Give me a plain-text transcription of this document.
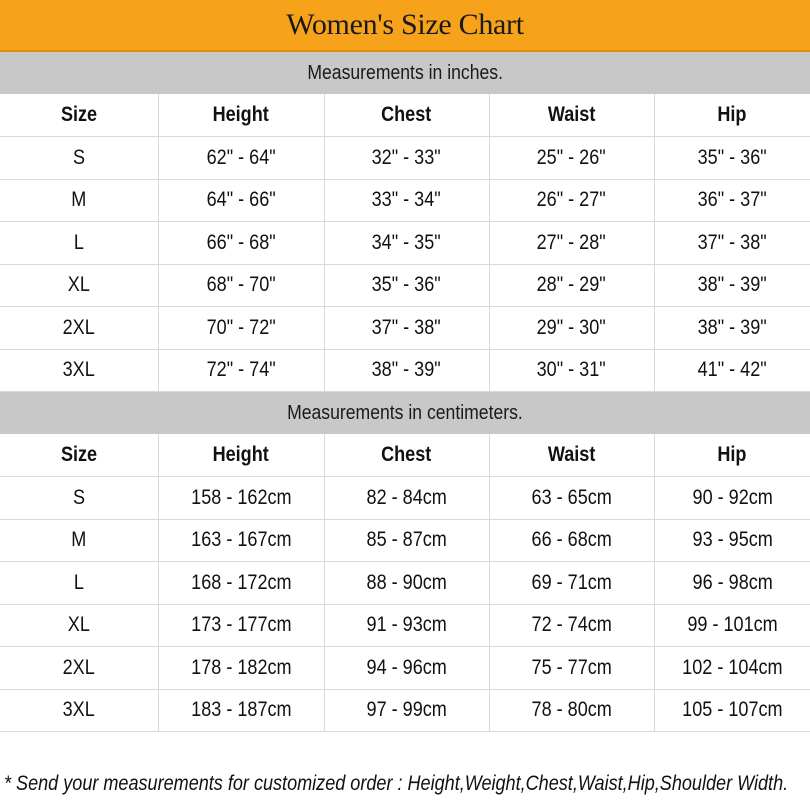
Women's Size Chart
Measurements in inches.
Size	Height	Chest	Waist	Hip
S	62" - 64"	32" - 33"	25" - 26"	35" - 36"
M	64" - 66"	33" - 34"	26" - 27"	36" - 37"
L	66" - 68"	34" - 35"	27" - 28"	37" - 38"
XL	68" - 70"	35" - 36"	28" - 29"	38" - 39"
2XL	70" - 72"	37" - 38"	29" - 30"	38" - 39"
3XL	72" - 74"	38" - 39"	30" - 31"	41" - 42"
Measurements in centimeters.
Size	Height	Chest	Waist	Hip
S	158 - 162cm	82 - 84cm	63 - 65cm	90 - 92cm
M	163 - 167cm	85 - 87cm	66 - 68cm	93 - 95cm
L	168 - 172cm	88 - 90cm	69 - 71cm	96 - 98cm
XL	173 - 177cm	91 - 93cm	72 - 74cm	99 - 101cm
2XL	178 - 182cm	94 - 96cm	75 - 77cm	102 - 104cm
3XL	183 - 187cm	97 - 99cm	78 - 80cm	105 - 107cm
* Send your measurements for customized order : Height,Weight,Chest,Waist,Hip,Shoulder Width.
